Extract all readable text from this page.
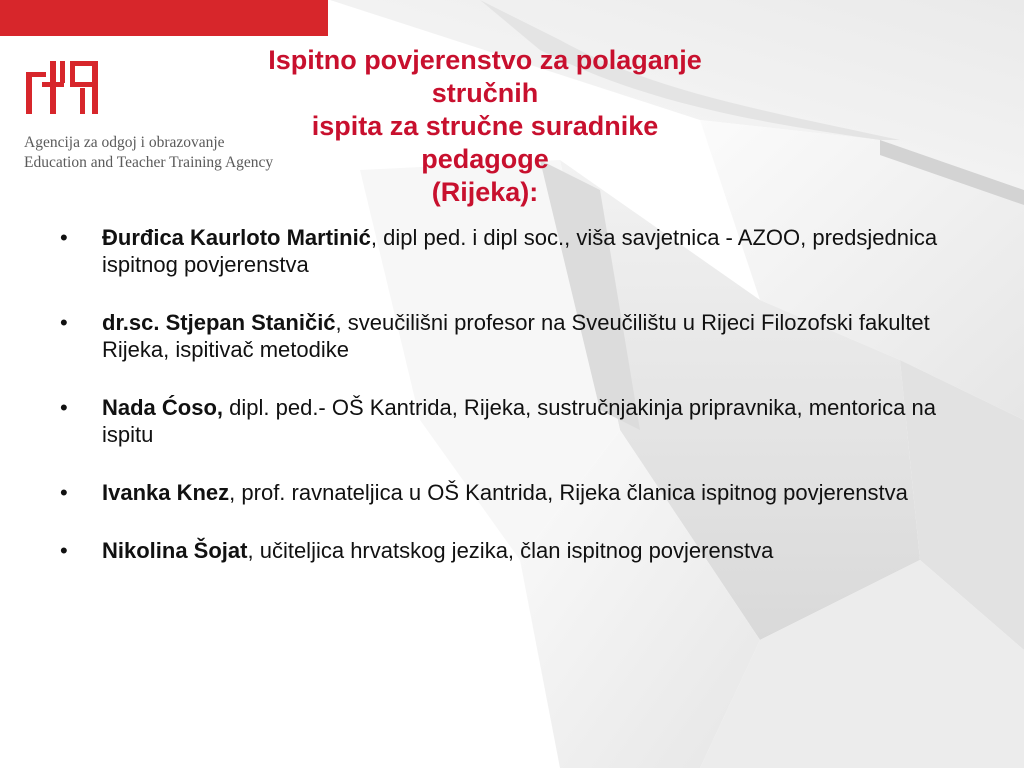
Agencija za odgoj i obrazovanje
Education and Teacher Training Agency
Ispitno povjerenstvo za polaganje stručnih
ispita za stručne suradnike pedagoge
(Rijeka):
• Đurđica Kaurloto Martinić, dipl ped. i dipl soc., viša savjetnica - AZOO, predsjednica ispitnog povjerenstva
• dr.sc. Stjepan Staničić, sveučilišni profesor na Sveučilištu u Rijeci Filozofski fakultet Rijeka, ispitivač metodike
• Nada Ćoso, dipl. ped.- OŠ Kantrida, Rijeka, sustručnjakinja pripravnika, mentorica na ispitu
• Ivanka Knez, prof. ravnateljica u OŠ Kantrida, Rijeka članica ispitnog povjerenstva
• Nikolina Šojat, učiteljica hrvatskog jezika, član ispitnog povjerenstva
